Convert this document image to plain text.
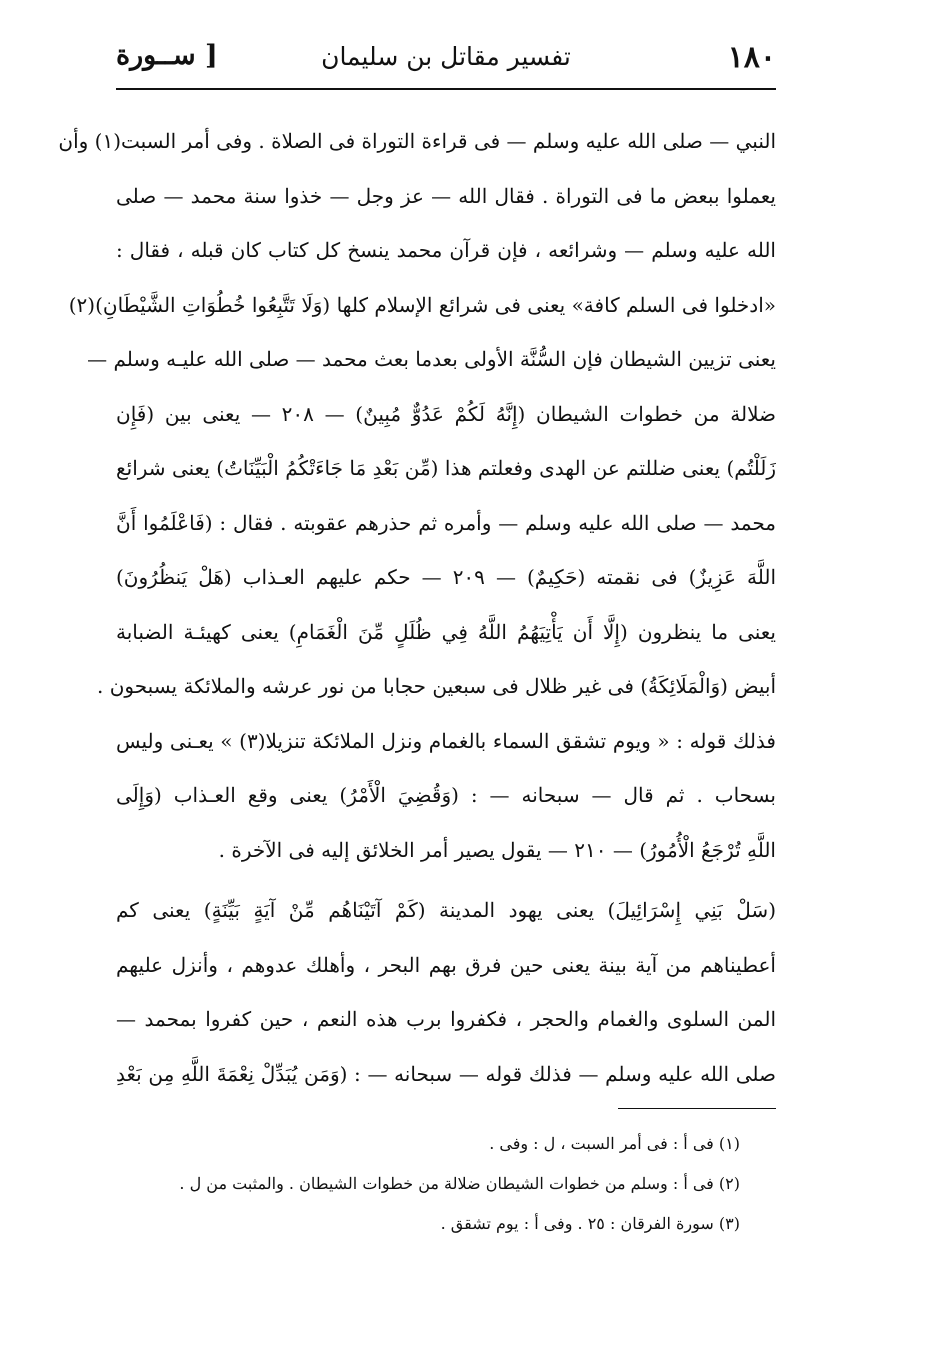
١٨٠
تفسير مقاتل بن سليمان
[ ســورة
النبي — صلى الله عليه وسلم — فى قراءة التوراة فى الصلاة . وفى أمر السبت(١) وأن
يعملوا ببعض ما فى التوراة . فقال الله — عز وجل — خذوا سنة محمد — صلى
الله عليه وسلم — وشرائعه ، فإن قرآن محمد ينسخ كل كتاب كان قبله ، فقال :
«ادخلوا فى السلم كافة» يعنى فى شرائع الإسلام كلها (وَلَا تَتَّبِعُوا خُطُوَاتِ الشَّيْطَانِ)(٢)
يعنى تزيين الشيطان فإن السُّنَّة الأولى بعدما بعث محمد — صلى الله عليـه وسلم —
ضلالة من خطوات الشيطان (إِنَّهُ لَكُمْ عَدُوٌّ مُبِينٌ) — ٢٠٨ — يعنى بين (فَإِن
زَلَلْتُم) يعنى ضللتم عن الهدى وفعلتم هذا (مِّن بَعْدِ مَا جَاءَتْكُمُ الْبَيِّنَاتُ) يعنى شرائع
محمد — صلى الله عليه وسلم — وأمره ثم حذرهم عقوبته . فقال : (فَاعْلَمُوا أَنَّ
اللَّهَ عَزِيزٌ) فى نقمته (حَكِيمٌ) — ٢٠٩ — حكم عليهم العـذاب (هَلْ يَنظُرُونَ)
يعنى ما ينظرون (إِلَّا أَن يَأْتِيَهُمُ اللَّهُ فِي ظُلَلٍ مِّنَ الْغَمَامِ) يعنى كهيئـة الضبابة
أبيض (وَالْمَلَائِكَةُ) فى غير ظلال فى سبعين حجابا من نور عرشه والملائكة يسبحون .
فذلك قوله : « ويوم تشقق السماء بالغمام ونزل الملائكة تنزيلا(٣) » يعـنى وليس
بسحاب . ثم قال — سبحانه — : (وَقُضِيَ الْأَمْرُ) يعنى وقع العـذاب (وَإِلَى
اللَّهِ تُرْجَعُ الْأُمُورُ) — ٢١٠ — يقول يصير أمر الخلائق إليه فى الآخرة .
(سَلْ بَنِي إِسْرَائِيلَ) يعنى يهود المدينة (كَمْ آتَيْنَاهُم مِّنْ آيَةٍ بَيِّنَةٍ) يعنى كم
أعطيناهم من آية بينة يعنى حين فرق بهم البحر ، وأهلك عدوهم ، وأنزل عليهم
المن السلوى والغمام والحجر ، فكفروا برب هذه النعم ، حين كفروا بمحمد —
صلى الله عليه وسلم — فذلك قوله — سبحانه — : (وَمَن يُبَدِّلْ نِعْمَةَ اللَّهِ مِن بَعْدِ
(١) فى أ : فى أمر السبت ، ل : وفى .
(٢) فى أ : وسلم من خطوات الشيطان ضلالة من خطوات الشيطان . والمثبت من ل .
(٣) سورة الفرقان : ٢٥ . وفى أ : يوم تشقق .
